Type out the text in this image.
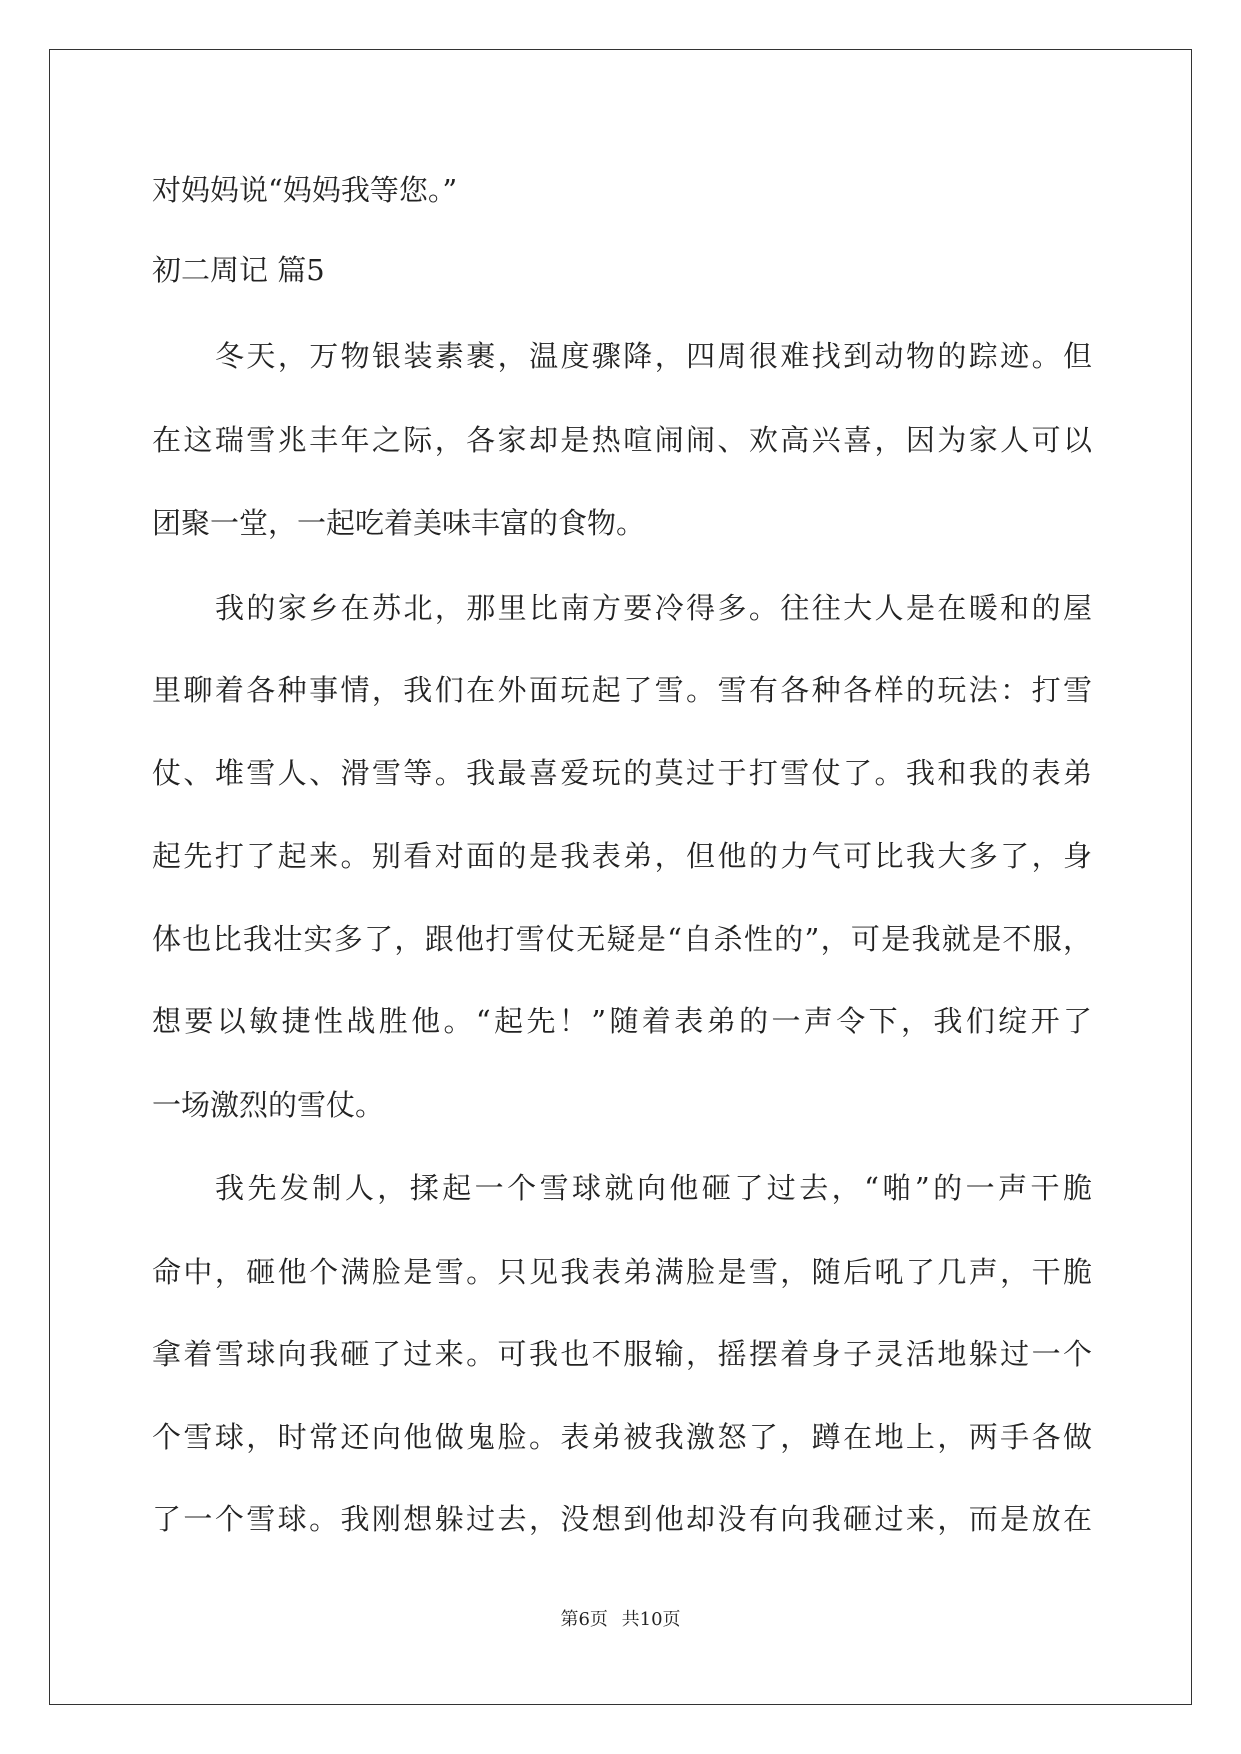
对妈妈说“妈妈我等您。”
初二周记 篇5
冬天，万物银装素裹，温度骤降，四周很难找到动物的踪迹。但
在这瑞雪兆丰年之际，各家却是热喧闹闹、欢高兴喜，因为家人可以
团聚一堂，一起吃着美味丰富的食物。
我的家乡在苏北，那里比南方要冷得多。往往大人是在暖和的屋
里聊着各种事情，我们在外面玩起了雪。雪有各种各样的玩法：打雪
仗、堆雪人、滑雪等。我最喜爱玩的莫过于打雪仗了。我和我的表弟
起先打了起来。别看对面的是我表弟，但他的力气可比我大多了，身
体也比我壮实多了，跟他打雪仗无疑是“自杀性的”，可是我就是不服，
想要以敏捷性战胜他。“起先！”随着表弟的一声令下，我们绽开了
一场激烈的雪仗。
我先发制人，揉起一个雪球就向他砸了过去，“啪”的一声干脆
命中，砸他个满脸是雪。只见我表弟满脸是雪，随后吼了几声，干脆
拿着雪球向我砸了过来。可我也不服输，摇摆着身子灵活地躲过一个
个雪球，时常还向他做鬼脸。表弟被我激怒了，蹲在地上，两手各做
了一个雪球。我刚想躲过去，没想到他却没有向我砸过来，而是放在
第6页 共10页
